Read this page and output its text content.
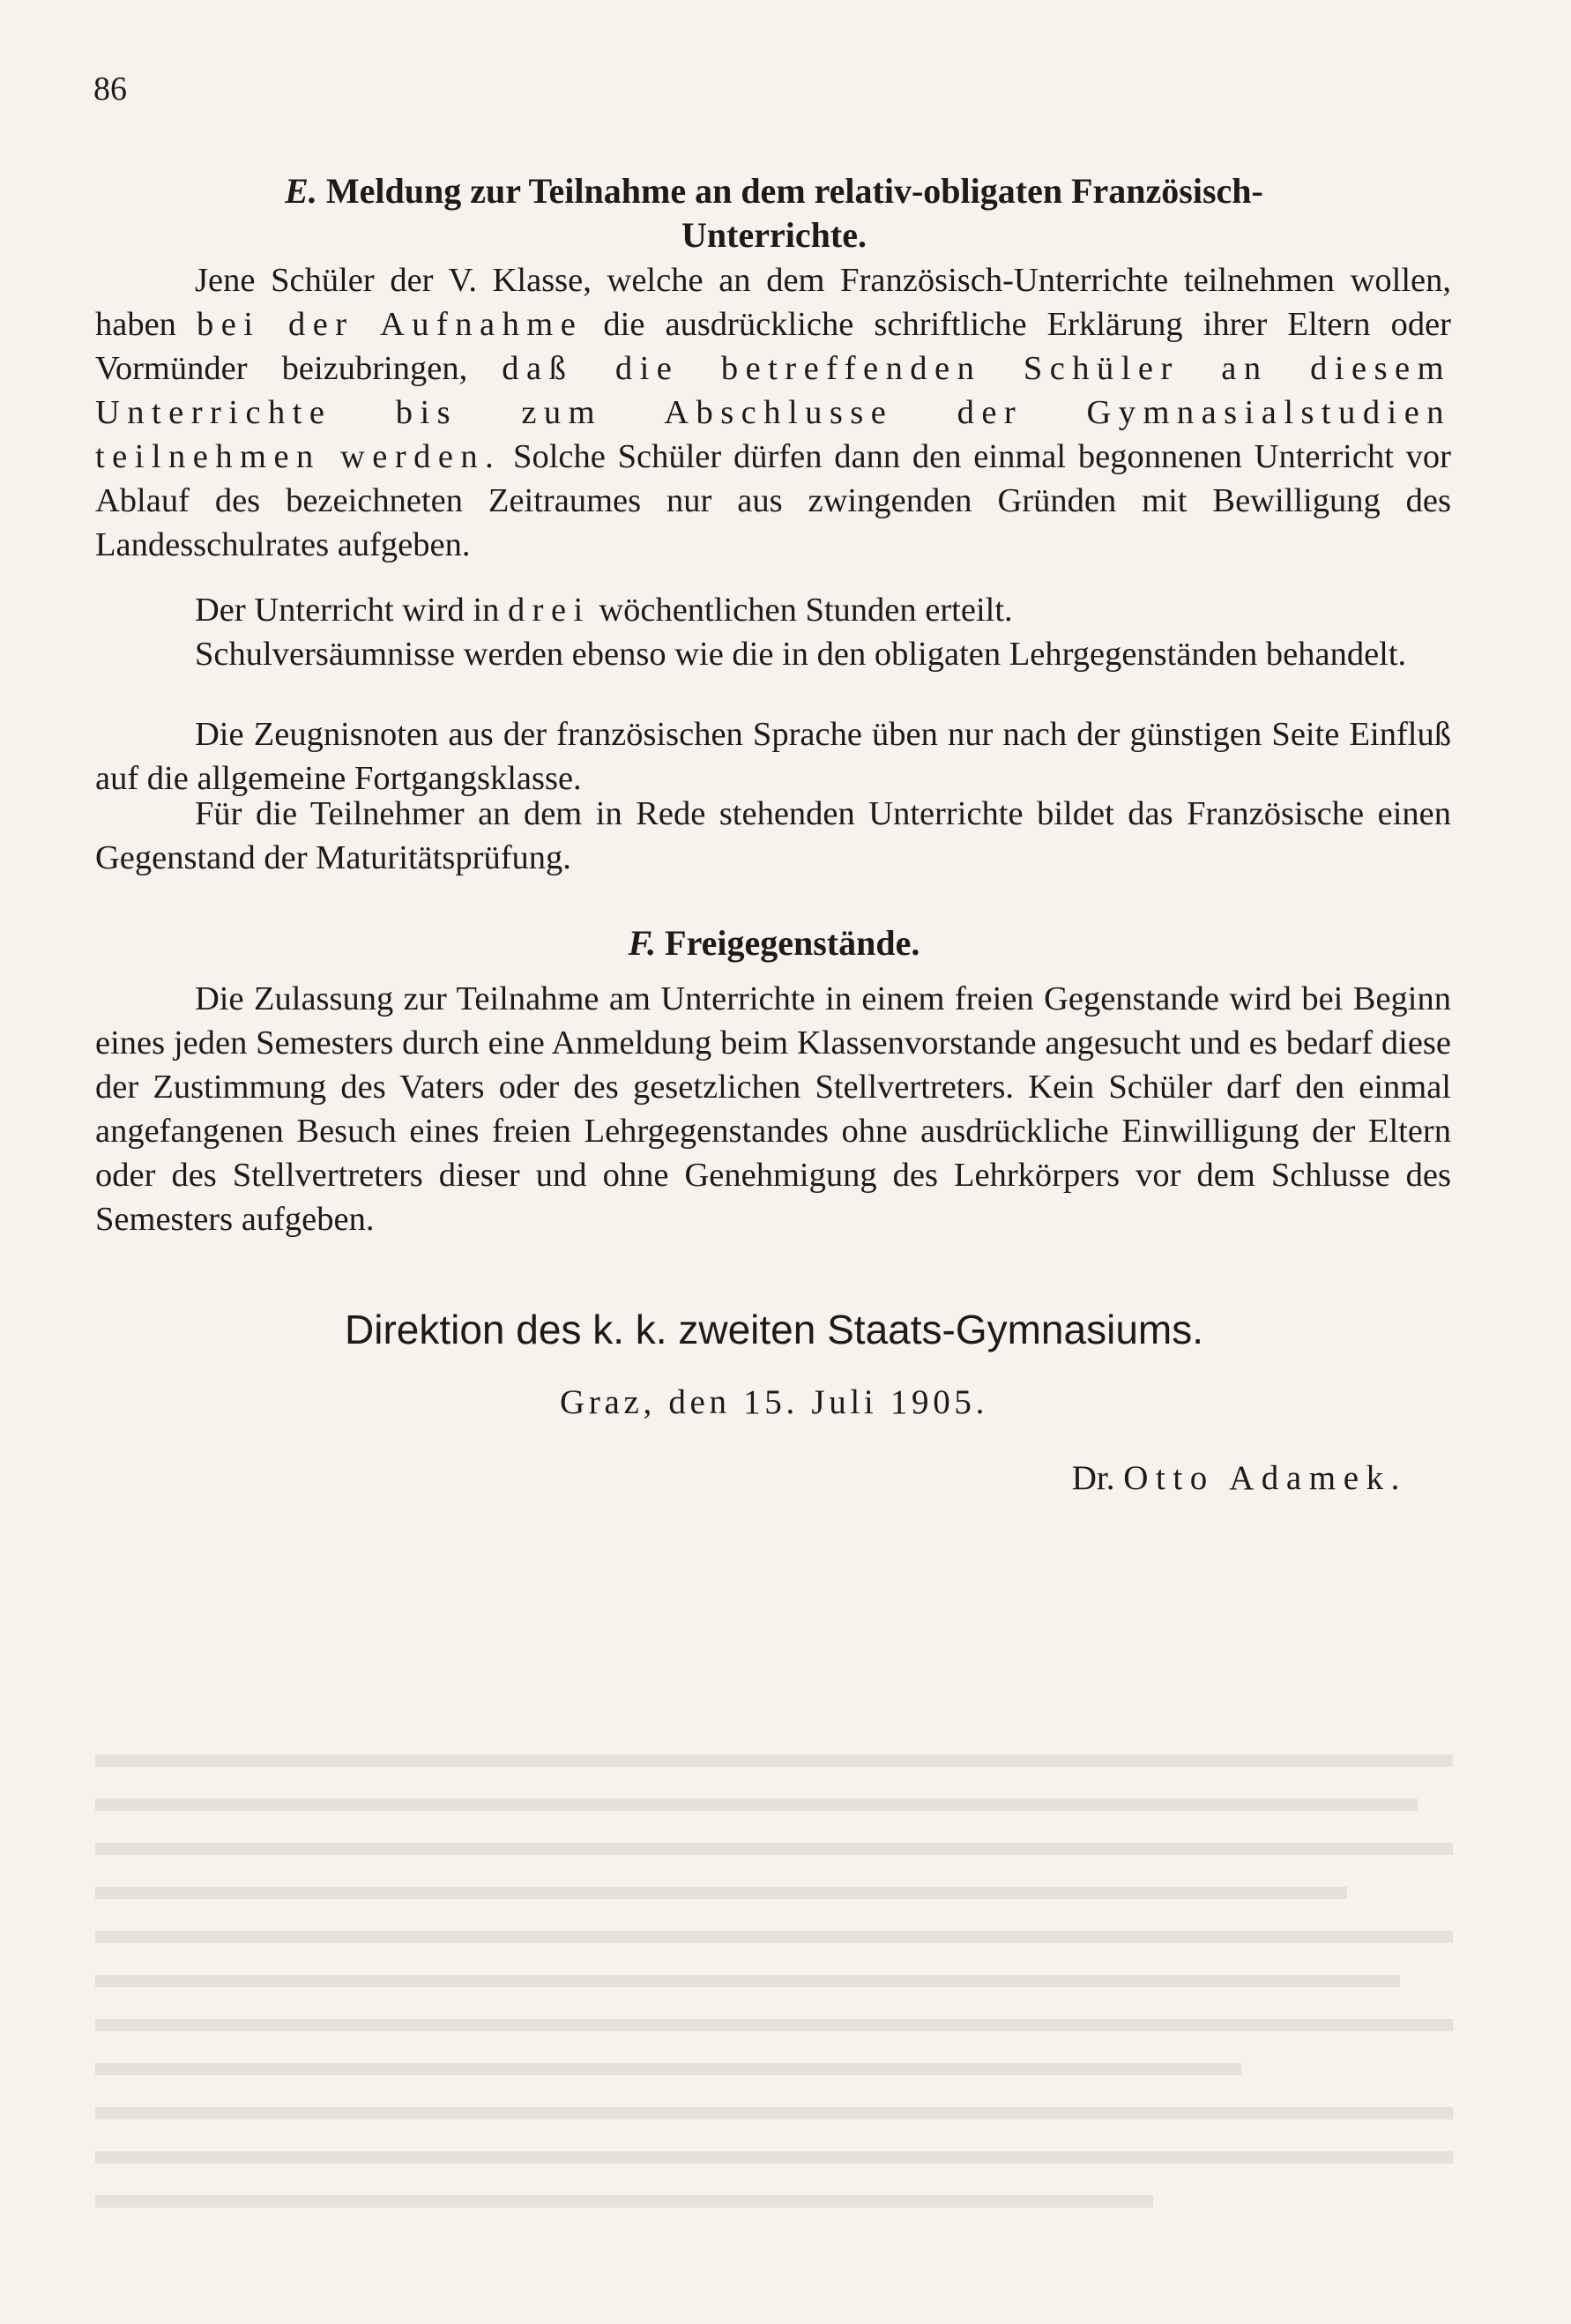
86
E. Meldung zur Teilnahme an dem relativ-obligaten Französisch-
Unterrichte.

Jene Schüler der V. Klasse, welche an dem Französisch-Unterrichte teilnehmen wollen, haben bei der Aufnahme die ausdrückliche schriftliche Erklärung ihrer Eltern oder Vormünder beizubringen, daß die betreffenden Schüler an diesem Unterrichte bis zum Abschlusse der Gymnasialstudien teilnehmen werden. Solche Schüler dürfen dann den einmal begonnenen Unterricht vor Ablauf des bezeichneten Zeitraumes nur aus zwingenden Gründen mit Bewilligung des Landesschulrates aufgeben.

Der Unterricht wird in drei wöchentlichen Stunden erteilt.

Schulversäumnisse werden ebenso wie die in den obligaten Lehrgegenständen behandelt.

Die Zeugnisnoten aus der französischen Sprache üben nur nach der günstigen Seite Einfluß auf die allgemeine Fortgangsklasse.

Für die Teilnehmer an dem in Rede stehenden Unterrichte bildet das Französische einen Gegenstand der Maturitätsprüfung.

F. Freigegenstände.

Die Zulassung zur Teilnahme am Unterrichte in einem freien Gegenstande wird bei Beginn eines jeden Semesters durch eine Anmeldung beim Klassenvorstande angesucht und es bedarf diese der Zustimmung des Vaters oder des gesetzlichen Stellvertreters. Kein Schüler darf den einmal angefangenen Besuch eines freien Lehrgegenstandes ohne ausdrückliche Einwilligung der Eltern oder des Stellvertreters dieser und ohne Genehmigung des Lehrkörpers vor dem Schlusse des Semesters aufgeben.

Direktion des k. k. zweiten Staats-Gymnasiums.
Graz, den 15. Juli 1905.
Dr. Otto Adamek.
